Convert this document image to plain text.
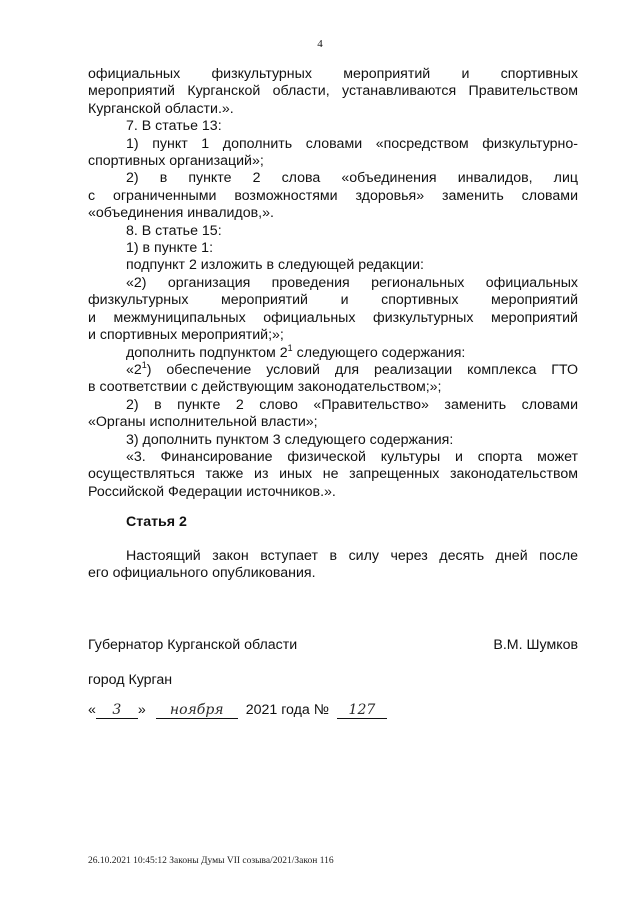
4

официальных физкультурных мероприятий и спортивных

мероприятий Курганской области, устанавливаются Правительством

Курганской области.».

7. В статье 13:

1) пункт 1 дополнить словами «посредством физкультурно-

спортивных организаций»;

2) в пункте 2 слова «объединения инвалидов, лиц

с ограниченными возможностями здоровья» заменить словами

«объединения инвалидов,».

8. В статье 15:

1) в пункте 1:

подпункт 2 изложить в следующей редакции:

«2) организация проведения региональных официальных

физкультурных мероприятий и спортивных мероприятий

и межмуниципальных официальных физкультурных мероприятий

и спортивных мероприятий;»;

дополнить подпунктом $2^1$ следующего содержания:

«$2^1$) обеспечение условий для реализации комплекса ГТО

в соответствии с действующим законодательством;»;

2) в пункте 2 слово «Правительство» заменить словами

«Органы исполнительной власти»;

3) дополнить пунктом 3 следующего содержания:

«3. Финансирование физической культуры и спорта может

осуществляться также из иных не запрещенных законодательством

Российской Федерации источников.».

Статья 2

Настоящий закон вступает в силу через десять дней после

его официального опубликования.

Губернатор Курганской области	В.М. Шумков
город Курган
« 3 » ноября 2021 года № 127
26.10.2021 10:45:12 Законы Думы VII созыва/2021/Закон 116
